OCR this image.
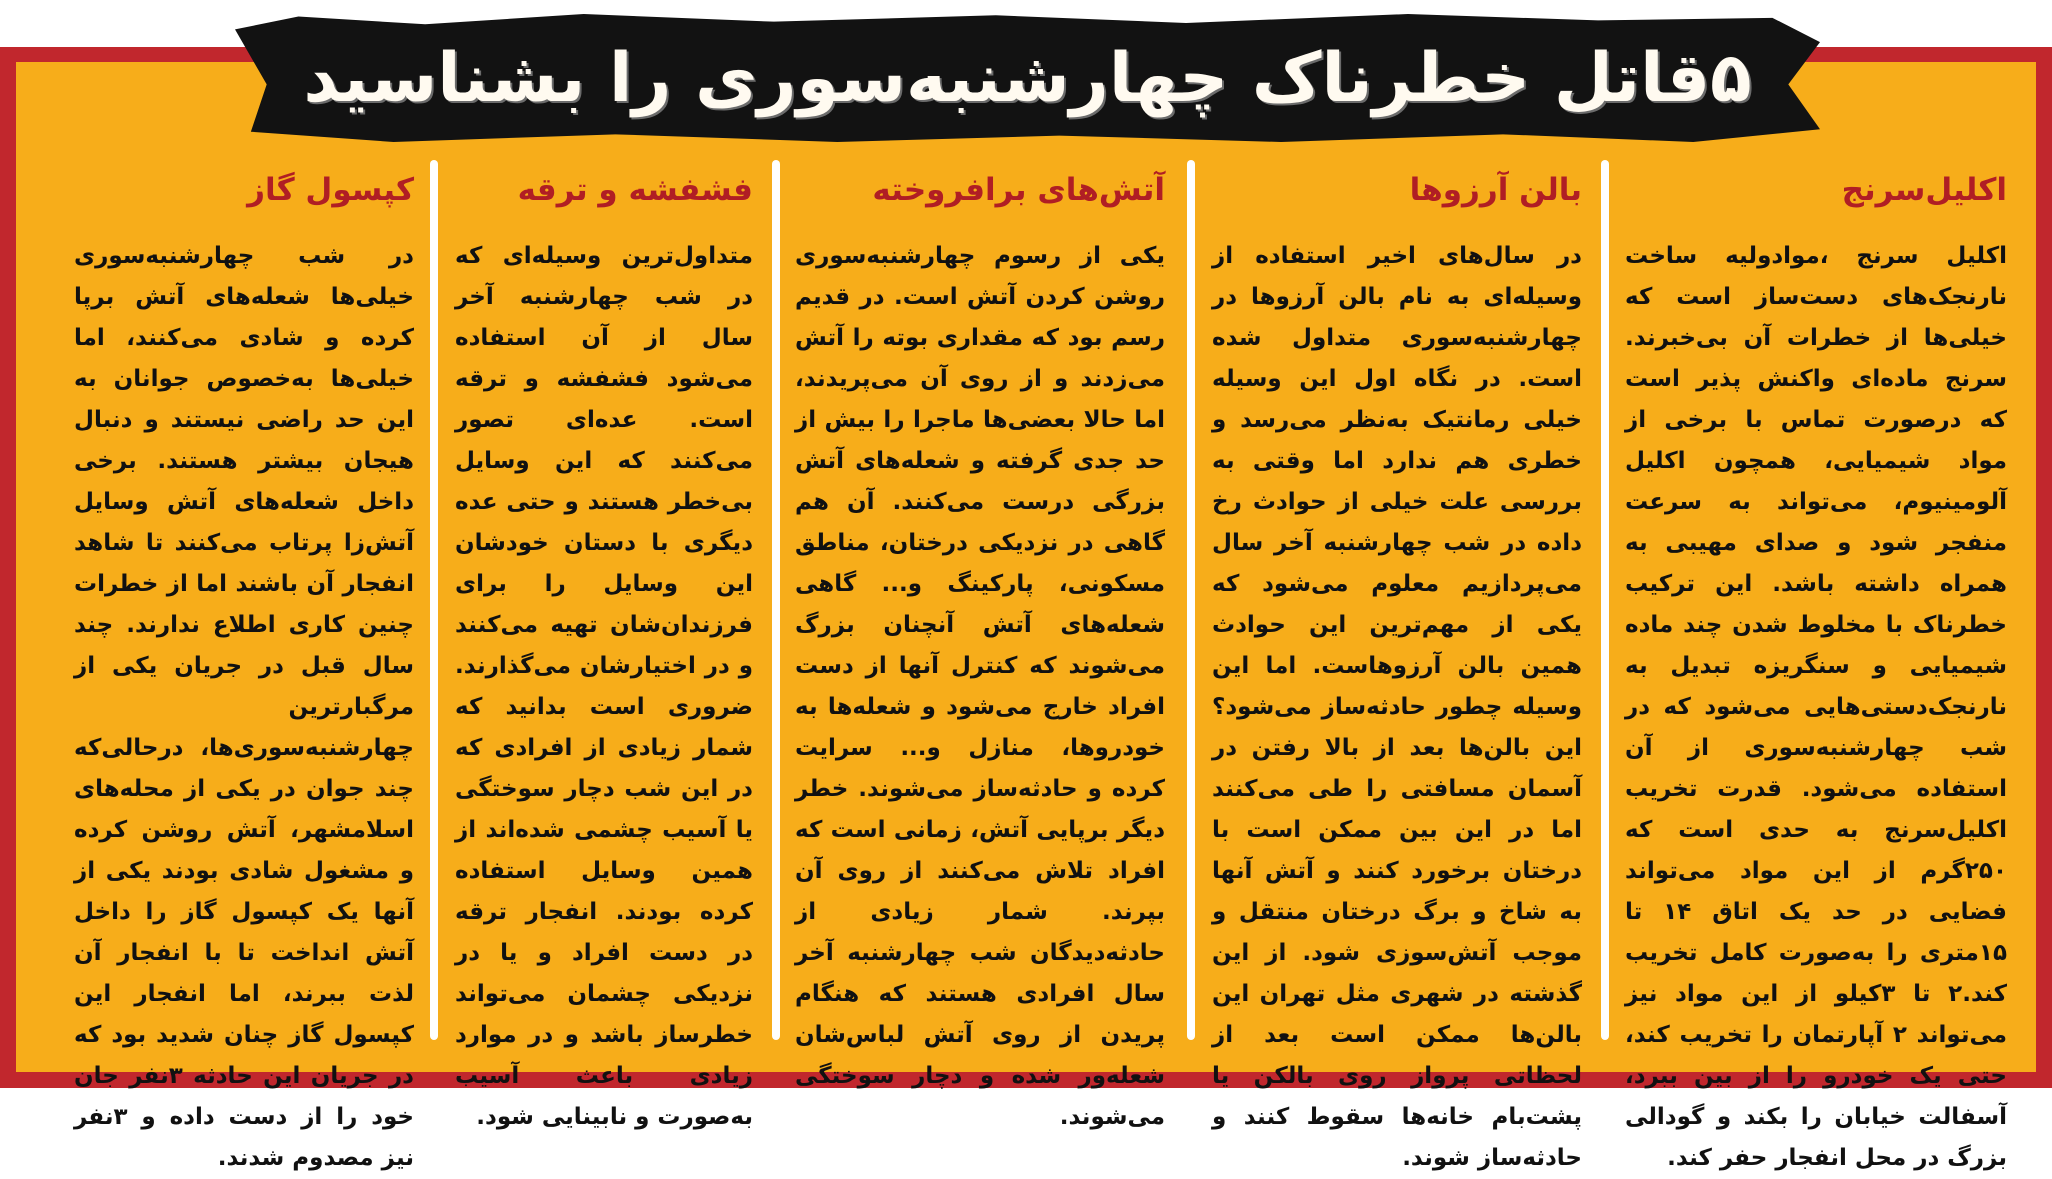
۵قاتل خطرناک چهارشنبه‌سوری را بشناسید
اکلیل‌سرنج

اکلیل سرنج ،موادولیه ساخت نارنجک‌های دست‌ساز است که خیلی‌ها از خطرات آن بی‌خبرند. سرنج ماده‌ای واکنش پذیر است که درصورت تماس با برخی از مواد شیمیایی، همچون اکلیل آلومینیوم، می‌تواند به سرعت منفجر شود و صدای مهیبی به همراه داشته باشد. این ترکیب خطرناک با مخلوط شدن چند ماده شیمیایی و سنگریزه تبدیل به نارنجک‌دستی‌هایی می‌شود که در شب چهارشنبه‌سوری از آن استفاده می‌شود. قدرت تخریب اکلیل‌سرنج به حدی است که ۲۵۰گرم از این مواد می‌تواند فضایی در حد یک اتاق ۱۴ تا ۱۵متری را به‌صورت کامل تخریب کند.۲ تا ۳کیلو از این مواد نیز می‌تواند ۲ آپارتمان را تخریب کند، حتی یک خودرو را از بین ببرد، آسفالت خیابان را بکند و گودالی بزرگ در محل انفجار حفر کند.

بالن آرزوها

در سال‌های اخیر استفاده از وسیله‌ای به نام بالن آرزوها در چهارشنبه‌سوری متداول شده است. در نگاه اول این وسیله خیلی رمانتیک به‌نظر می‌رسد و خطری هم ندارد اما وقتی به بررسی علت خیلی از حوادث رخ داده در شب چهارشنبه آخر سال می‌پردازیم معلوم می‌شود که یکی از مهم‌ترین این حوادث همین بالن آرزوهاست. اما این وسیله چطور حادثه‌ساز می‌شود؟ این بالن‌ها بعد از بالا رفتن در آسمان مسافتی را طی می‌کنند اما در این بین ممکن است با درختان برخورد کنند و آتش آنها به شاخ و برگ درختان منتقل و موجب آتش‌سوزی شود. از این گذشته در شهری مثل تهران این بالن‌ها ممکن است بعد از لحظاتی پرواز روی بالکن یا پشت‌بام خانه‌ها سقوط کنند و حادثه‌ساز شوند.

آتش‌های برافروخته

یکی از رسوم چهارشنبه‌سوری روشن کردن آتش است. در قدیم رسم بود که مقداری بوته را آتش می‌زدند و از روی آن می‌پریدند، اما حالا بعضی‌ها ماجرا را بیش از حد جدی گرفته و شعله‌های آتش بزرگی درست می‌کنند. آن هم گاهی در نزدیکی درختان، مناطق مسکونی، پارکینگ و... گاهی شعله‌های آتش آنچنان بزرگ می‌شوند که کنترل آنها از دست افراد خارج می‌شود و شعله‌ها به خودروها، منازل و... سرایت کرده و حادثه‌ساز می‌شوند. خطر دیگر برپایی آتش، زمانی است که افراد تلاش می‌کنند از روی آن بپرند. شمار زیادی از حادثه‌دیدگان شب چهارشنبه آخر سال افرادی هستند که هنگام پریدن از روی آتش لباس‌شان شعله‌ور شده و دچار سوختگی می‌شوند.

فشفشه و ترقه

متداول‌ترین وسیله‌ای که در شب چهارشنبه آخر سال از آن استفاده می‌شود فشفشه و ترقه است. عده‌ای تصور می‌کنند که این وسایل بی‌خطر هستند و حتی عده دیگری با دستان خودشان این وسایل را برای فرزندان‌شان تهیه می‌کنند و در اختیارشان می‌گذارند. ضروری است بدانید که شمار زیادی از افرادی که در این شب دچار سوختگی یا آسیب چشمی شده‌اند از همین وسایل استفاده کرده بودند. انفجار ترقه در دست افراد و یا در نزدیکی چشمان می‌تواند خطرساز باشد و در موارد زیادی باعث آسیب به‌صورت و نابینایی شود.

کپسول گاز

در شب چهارشنبه‌سوری خیلی‌ها شعله‌های آتش برپا کرده و شادی می‌کنند، اما خیلی‌ها به‌خصوص جوانان به این حد راضی نیستند و دنبال هیجان بیشتر هستند. برخی داخل شعله‌های آتش وسایل آتش‌زا پرتاب می‌کنند تا شاهد انفجار آن باشند اما از خطرات چنین کاری اطلاع ندارند. چند سال قبل در جریان یکی از مرگبارترین چهارشنبه‌سوری‌ها، درحالی‌که چند جوان در یکی از محله‌های اسلامشهر، آتش روشن کرده و مشغول شادی بودند یکی از آنها یک کپسول گاز را داخل آتش انداخت تا با انفجار آن لذت ببرند، اما انفجار این کپسول گاز چنان شدید بود که در جریان این حادثه ۳نفر جان خود را از دست داده و ۳نفر نیز مصدوم شدند.
